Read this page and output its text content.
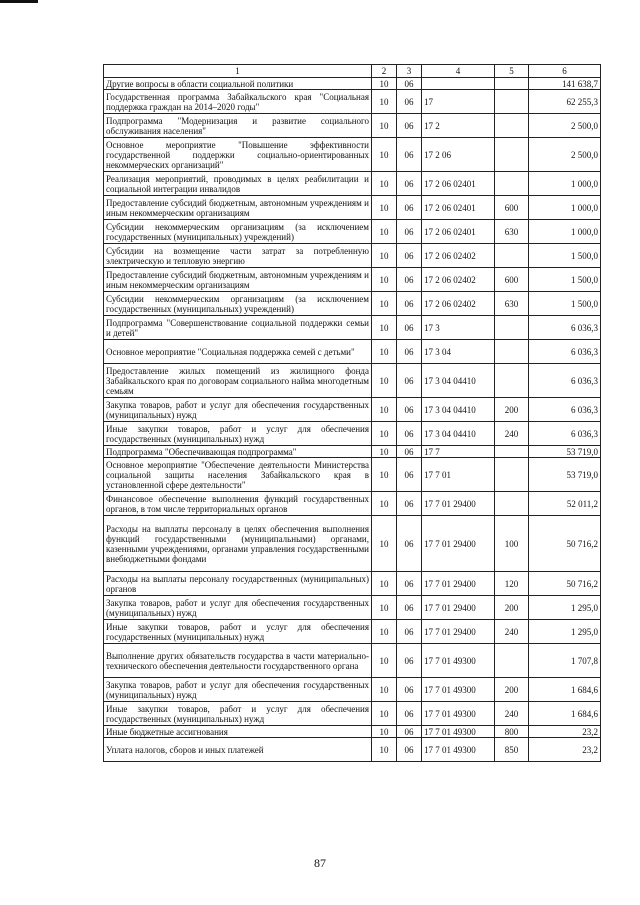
1	2	3	4	5	6
Другие вопросы в области социальной политики	10	06			141 638,7
Государственная программа Забайкальского края "Социальная поддержка граждан на 2014–2020 годы"	10	06	17		62 255,3
Подпрограмма "Модернизация и развитие социального обслуживания населения"	10	06	17 2		2 500,0
Основное мероприятие "Повышение эффективности государственной поддержки социально-ориентированных некоммерческих организаций"	10	06	17 2 06		2 500,0
Реализация мероприятий, проводимых в целях реабилитации и социальной интеграции инвалидов	10	06	17 2 06 02401		1 000,0
Предоставление субсидий бюджетным, автономным учреждениям и иным некоммерческим организациям	10	06	17 2 06 02401	600	1 000,0
Субсидии некоммерческим организациям (за исключением государственных (муниципальных) учреждений)	10	06	17 2 06 02401	630	1 000,0
Субсидии на возмещение части затрат за потребленную электрическую и тепловую энергию	10	06	17 2 06 02402		1 500,0
Предоставление субсидий бюджетным, автономным учреждениям и иным некоммерческим организациям	10	06	17 2 06 02402	600	1 500,0
Субсидии некоммерческим организациям (за исключением государственных (муниципальных) учреждений)	10	06	17 2 06 02402	630	1 500,0
Подпрограмма "Совершенствование социальной поддержки семьи и детей"	10	06	17 3		6 036,3
Основное мероприятие "Социальная поддержка семей с детьми"	10	06	17 3 04		6 036,3
Предоставление жилых помещений из жилищного фонда Забайкальского края по договорам социального найма многодетным семьям	10	06	17 3 04 04410		6 036,3
Закупка товаров, работ и услуг для обеспечения государственных (муниципальных) нужд	10	06	17 3 04 04410	200	6 036,3
Иные закупки товаров, работ и услуг для обеспечения государственных (муниципальных) нужд	10	06	17 3 04 04410	240	6 036,3
Подпрограмма "Обеспечивающая подпрограмма"	10	06	17 7		53 719,0
Основное мероприятие "Обеспечение деятельности Министерства социальной защиты населения Забайкальского края в установленной сфере деятельности"	10	06	17 7 01		53 719,0
Финансовое обеспечение выполнения функций государственных органов, в том числе территориальных органов	10	06	17 7 01 29400		52 011,2
Расходы на выплаты персоналу в целях обеспечения выполнения функций государственными (муниципальными) органами, казенными учреждениями, органами управления государственными внебюджетными фондами	10	06	17 7 01 29400	100	50 716,2
Расходы на выплаты персоналу государственных (муниципальных) органов	10	06	17 7 01 29400	120	50 716,2
Закупка товаров, работ и услуг для обеспечения государственных (муниципальных) нужд	10	06	17 7 01 29400	200	1 295,0
Иные закупки товаров, работ и услуг для обеспечения государственных (муниципальных) нужд	10	06	17 7 01 29400	240	1 295,0
Выполнение других обязательств государства в части материально-технического обеспечения деятельности государственного органа	10	06	17 7 01 49300		1 707,8
Закупка товаров, работ и услуг для обеспечения государственных (муниципальных) нужд	10	06	17 7 01 49300	200	1 684,6
Иные закупки товаров, работ и услуг для обеспечения государственных (муниципальных) нужд	10	06	17 7 01 49300	240	1 684,6
Иные бюджетные ассигнования	10	06	17 7 01 49300	800	23,2
Уплата налогов, сборов и иных платежей	10	06	17 7 01 49300	850	23,2
87
